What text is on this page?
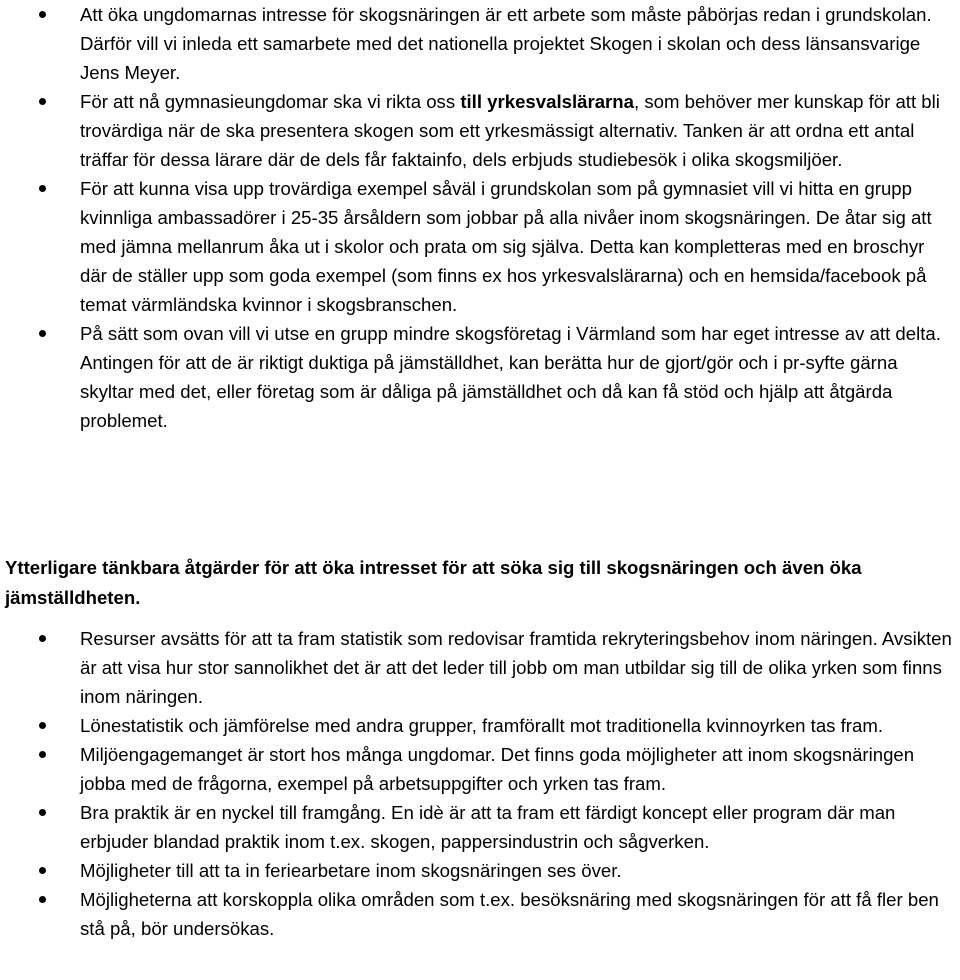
Att öka ungdomarnas intresse för skogsnäringen är ett arbete som måste påbörjas redan i grundskolan. Därför vill vi inleda ett samarbete med det nationella projektet Skogen i skolan och dess länsansvarige Jens Meyer.
För att nå gymnasieungdomar ska vi rikta oss till yrkesvalslärarna, som behöver mer kunskap för att bli trovärdiga när de ska presentera skogen som ett yrkesmässigt alternativ. Tanken är att ordna ett antal träffar för dessa lärare där de dels får faktainfo, dels erbjuds studiebesök i olika skogsmiljöer.
För att kunna visa upp trovärdiga exempel såväl i grundskolan som på gymnasiet vill vi hitta en grupp kvinnliga ambassadörer i 25-35 årsåldern som jobbar på alla nivåer inom skogsnäringen. De åtar sig att med jämna mellanrum åka ut i skolor och prata om sig själva. Detta kan kompletteras med en broschyr där de ställer upp som goda exempel (som finns ex hos yrkesvalslärarna) och en hemsida/facebook på temat värmländska kvinnor i skogsbranschen.
På sätt som ovan vill vi utse en grupp mindre skogsföretag i Värmland som har eget intresse av att delta. Antingen för att de är riktigt duktiga på jämställdhet, kan berätta hur de gjort/gör och i pr-syfte gärna skyltar med det, eller företag som är dåliga på jämställdhet och då kan få stöd och hjälp att åtgärda problemet.

Ytterligare tänkbara åtgärder för att öka intresset för att söka sig till skogsnäringen och även öka jämställdheten.

Resurser avsätts för att ta fram statistik som redovisar framtida rekryteringsbehov inom näringen. Avsikten är att visa hur stor sannolikhet det är att det leder till jobb om man utbildar sig till de olika yrken som finns inom näringen.
Lönestatistik och jämförelse med andra grupper, framförallt mot traditionella kvinnoyrken tas fram.
Miljöengagemanget är stort hos många ungdomar. Det finns goda möjligheter att inom skogsnäringen jobba med de frågorna, exempel på arbetsuppgifter och yrken tas fram.
Bra praktik är en nyckel till framgång. En idè är att ta fram ett färdigt koncept eller program där man erbjuder blandad praktik inom t.ex. skogen, pappersindustrin och sågverken.
Möjligheter till att ta in feriearbetare inom skogsnäringen ses över.
Möjligheterna att korskoppla olika områden som t.ex. besöksnäring med skogsnäringen för att få fler ben stå på, bör undersökas.
